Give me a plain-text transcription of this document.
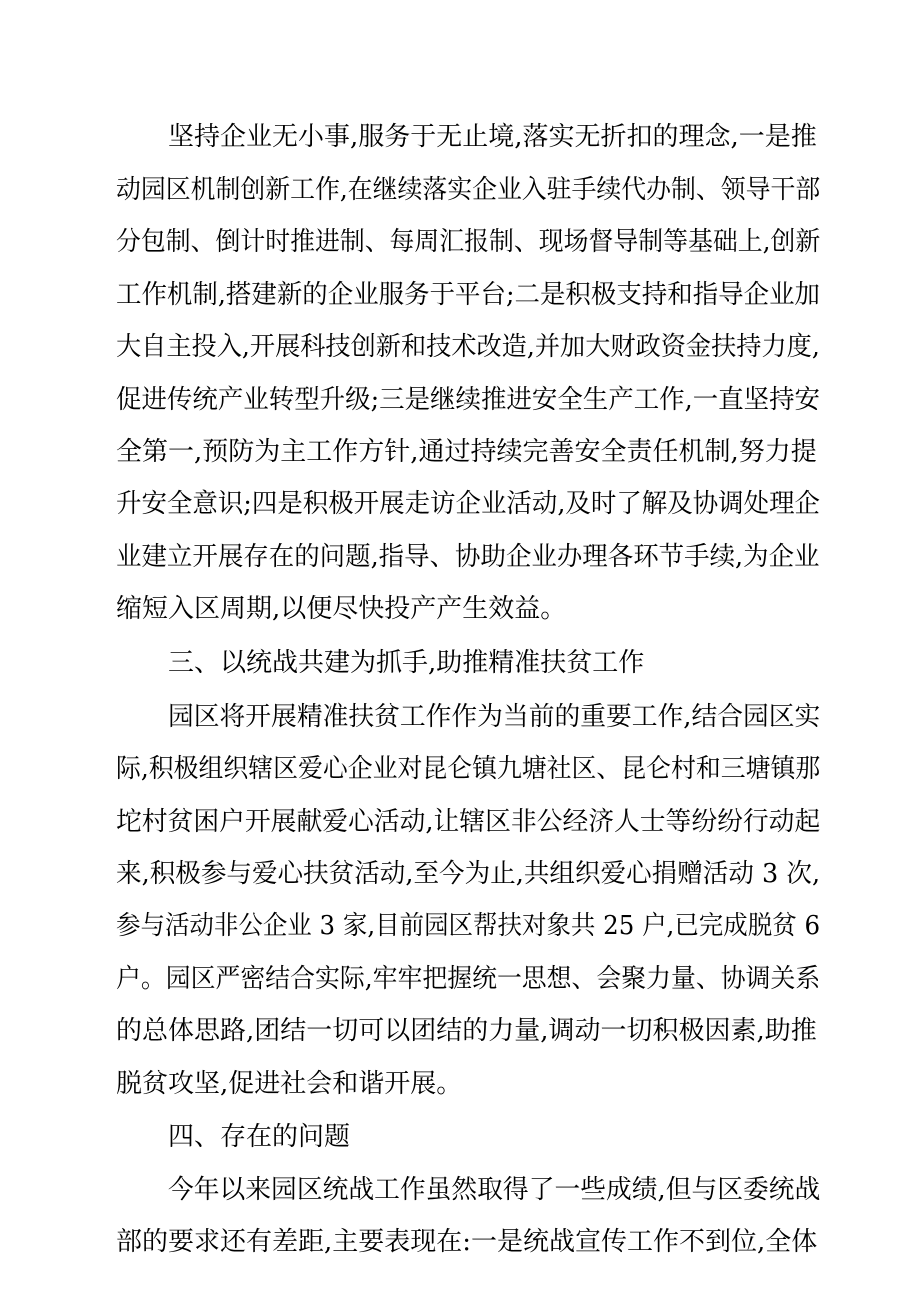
坚持企业无小事,服务于无止境,落实无折扣的理念,一是推
动园区机制创新工作,在继续落实企业入驻手续代办制、领导干部
分包制、倒计时推进制、每周汇报制、现场督导制等基础上,创新
工作机制,搭建新的企业服务于平台;二是积极支持和指导企业加
大自主投入,开展科技创新和技术改造,并加大财政资金扶持力度,
促进传统产业转型升级;三是继续推进安全生产工作,一直坚持安
全第一,预防为主工作方针,通过持续完善安全责任机制,努力提
升安全意识;四是积极开展走访企业活动,及时了解及协调处理企
业建立开展存在的问题,指导、协助企业办理各环节手续,为企业
缩短入区周期,以便尽快投产产生效益。
三、以统战共建为抓手,助推精准扶贫工作
园区将开展精准扶贫工作作为当前的重要工作,结合园区实
际,积极组织辖区爱心企业对昆仑镇九塘社区、昆仑村和三塘镇那
坨村贫困户开展献爱心活动,让辖区非公经济人士等纷纷行动起
来,积极参与爱心扶贫活动,至今为止,共组织爱心捐赠活动 3 次,
参与活动非公企业 3 家,目前园区帮扶对象共 25 户,已完成脱贫 6
户。园区严密结合实际,牢牢把握统一思想、会聚力量、协调关系
的总体思路,团结一切可以团结的力量,调动一切积极因素,助推
脱贫攻坚,促进社会和谐开展。
四、存在的问题
今年以来园区统战工作虽然取得了一些成绩,但与区委统战
部的要求还有差距,主要表现在:一是统战宣传工作不到位,全体
